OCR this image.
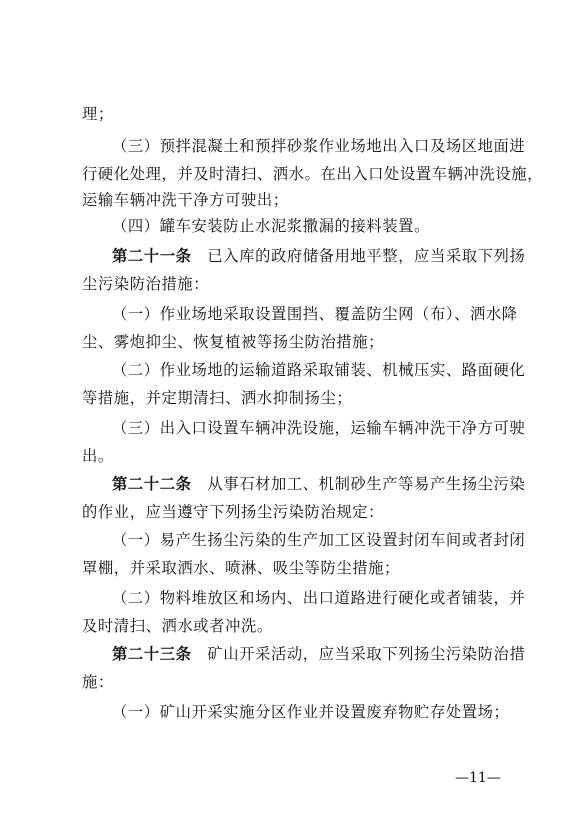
理；
（三）预拌混凝土和预拌砂浆作业场地出入口及场区地面进
行硬化处理，并及时清扫、洒水。在出入口处设置车辆冲洗设施，
运输车辆冲洗干净方可驶出；
（四）罐车安装防止水泥浆撒漏的接料装置。
第二十一条　已入库的政府储备用地平整，应当采取下列扬
尘污染防治措施：
（一）作业场地采取设置围挡、覆盖防尘网（布）、洒水降
尘、雾炮抑尘、恢复植被等扬尘防治措施；
（二）作业场地的运输道路采取铺装、机械压实、路面硬化
等措施，并定期清扫、洒水抑制扬尘；
（三）出入口设置车辆冲洗设施，运输车辆冲洗干净方可驶
出。
第二十二条　从事石材加工、机制砂生产等易产生扬尘污染
的作业，应当遵守下列扬尘污染防治规定：
（一）易产生扬尘污染的生产加工区设置封闭车间或者封闭
罩棚，并采取洒水、喷淋、吸尘等防尘措施；
（二）物料堆放区和场内、出口道路进行硬化或者铺装，并
及时清扫、洒水或者冲洗。
第二十三条　矿山开采活动，应当采取下列扬尘污染防治措
施：
（一）矿山开采实施分区作业并设置废弃物贮存处置场；
—11—
